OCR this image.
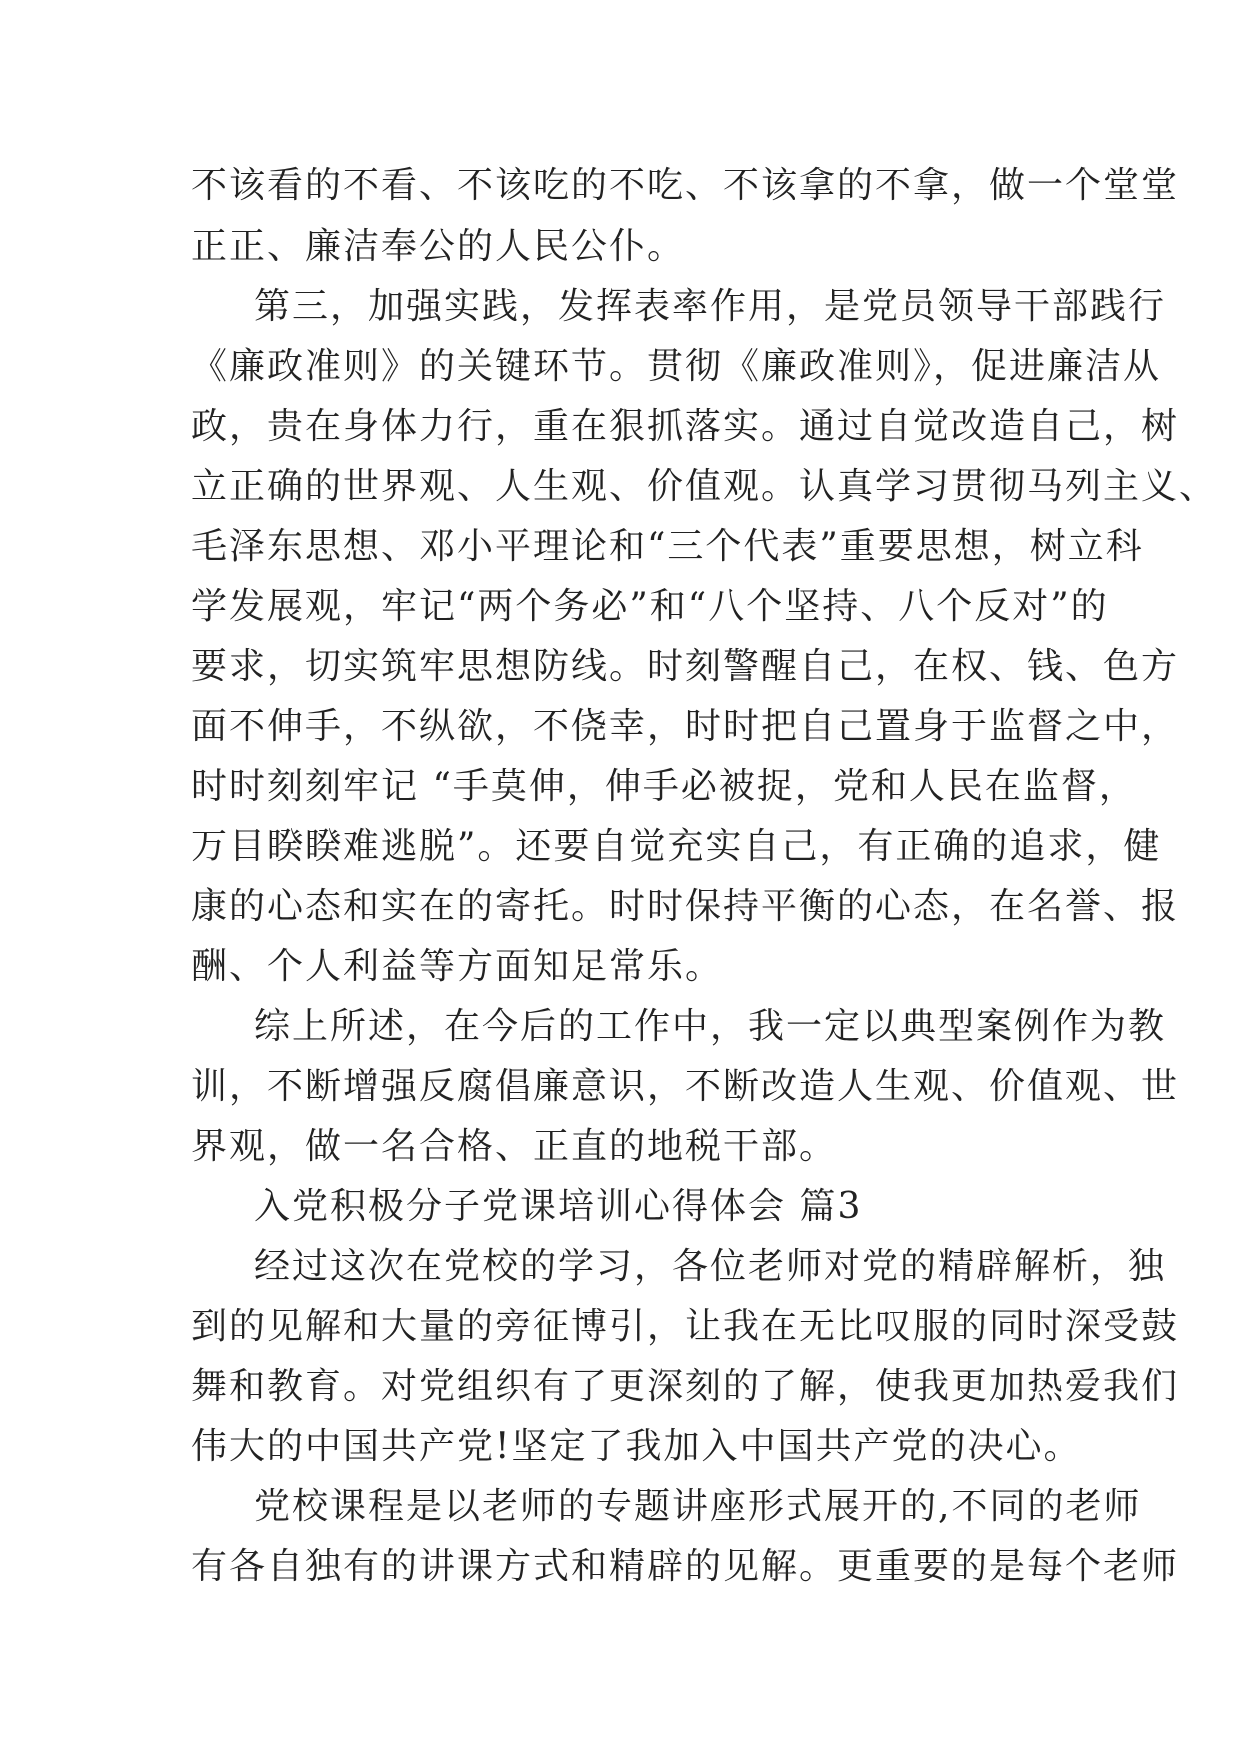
不该看的不看、不该吃的不吃、不该拿的不拿，做一个堂堂
正正、廉洁奉公的人民公仆。
第三，加强实践，发挥表率作用，是党员领导干部践行
《廉政准则》的关键环节。贯彻《廉政准则》，促进廉洁从
政，贵在身体力行，重在狠抓落实。通过自觉改造自己，树
立正确的世界观、人生观、价值观。认真学习贯彻马列主义、
毛泽东思想、邓小平理论和“三个代表”重要思想，树立科
学发展观，牢记“两个务必”和“八个坚持、八个反对”的
要求，切实筑牢思想防线。时刻警醒自己，在权、钱、色方
面不伸手，不纵欲，不侥幸，时时把自己置身于监督之中，
时时刻刻牢记 “手莫伸，伸手必被捉，党和人民在监督，
万目睽睽难逃脱”。还要自觉充实自己，有正确的追求，健
康的心态和实在的寄托。时时保持平衡的心态，在名誉、报
酬、个人利益等方面知足常乐。
综上所述，在今后的工作中，我一定以典型案例作为教
训，不断增强反腐倡廉意识，不断改造人生观、价值观、世
界观，做一名合格、正直的地税干部。
入党积极分子党课培训心得体会 篇3
经过这次在党校的学习，各位老师对党的精辟解析，独
到的见解和大量的旁征博引，让我在无比叹服的同时深受鼓
舞和教育。对党组织有了更深刻的了解，使我更加热爱我们
伟大的中国共产党!坚定了我加入中国共产党的决心。
党校课程是以老师的专题讲座形式展开的,不同的老师
有各自独有的讲课方式和精辟的见解。更重要的是每个老师
